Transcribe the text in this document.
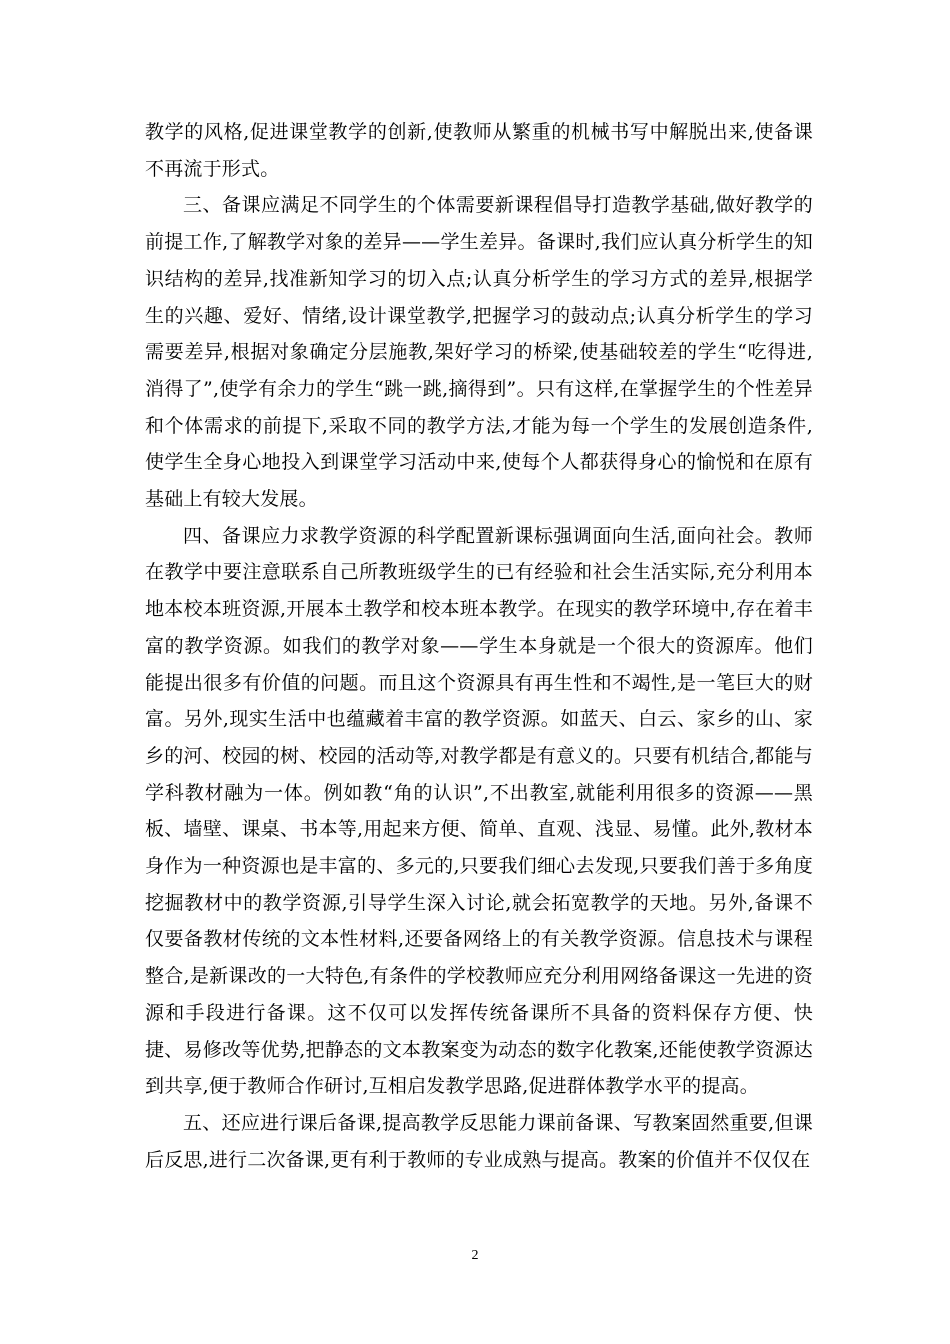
教学的风格,促进课堂教学的创新,使教师从繁重的机械书写中解脱出来,使备课不再流于形式。

三、备课应满足不同学生的个体需要新课程倡导打造教学基础,做好教学的前提工作,了解教学对象的差异——学生差异。备课时,我们应认真分析学生的知识结构的差异,找准新知学习的切入点;认真分析学生的学习方式的差异,根据学生的兴趣、爱好、情绪,设计课堂教学,把握学习的鼓动点;认真分析学生的学习需要差异,根据对象确定分层施教,架好学习的桥梁,使基础较差的学生“吃得进,消得了”,使学有余力的学生“跳一跳,摘得到”。只有这样,在掌握学生的个性差异和个体需求的前提下,采取不同的教学方法,才能为每一个学生的发展创造条件,使学生全身心地投入到课堂学习活动中来,使每个人都获得身心的愉悦和在原有基础上有较大发展。

四、备课应力求教学资源的科学配置新课标强调面向生活,面向社会。教师在教学中要注意联系自己所教班级学生的已有经验和社会生活实际,充分利用本地本校本班资源,开展本土教学和校本班本教学。在现实的教学环境中,存在着丰富的教学资源。如我们的教学对象——学生本身就是一个很大的资源库。他们能提出很多有价值的问题。而且这个资源具有再生性和不竭性,是一笔巨大的财富。另外,现实生活中也蕴藏着丰富的教学资源。如蓝天、白云、家乡的山、家乡的河、校园的树、校园的活动等,对教学都是有意义的。只要有机结合,都能与学科教材融为一体。例如教“角的认识”,不出教室,就能利用很多的资源——黑板、墙壁、课桌、书本等,用起来方便、简单、直观、浅显、易懂。此外,教材本身作为一种资源也是丰富的、多元的,只要我们细心去发现,只要我们善于多角度挖掘教材中的教学资源,引导学生深入讨论,就会拓宽教学的天地。另外,备课不仅要备教材传统的文本性材料,还要备网络上的有关教学资源。信息技术与课程整合,是新课改的一大特色,有条件的学校教师应充分利用网络备课这一先进的资源和手段进行备课。这不仅可以发挥传统备课所不具备的资料保存方便、快捷、易修改等优势,把静态的文本教案变为动态的数字化教案,还能使教学资源达到共享,便于教师合作研讨,互相启发教学思路,促进群体教学水平的提高。

五、还应进行课后备课,提高教学反思能力课前备课、写教案固然重要,但课后反思,进行二次备课,更有利于教师的专业成熟与提高。教案的价值并不仅仅在

2
